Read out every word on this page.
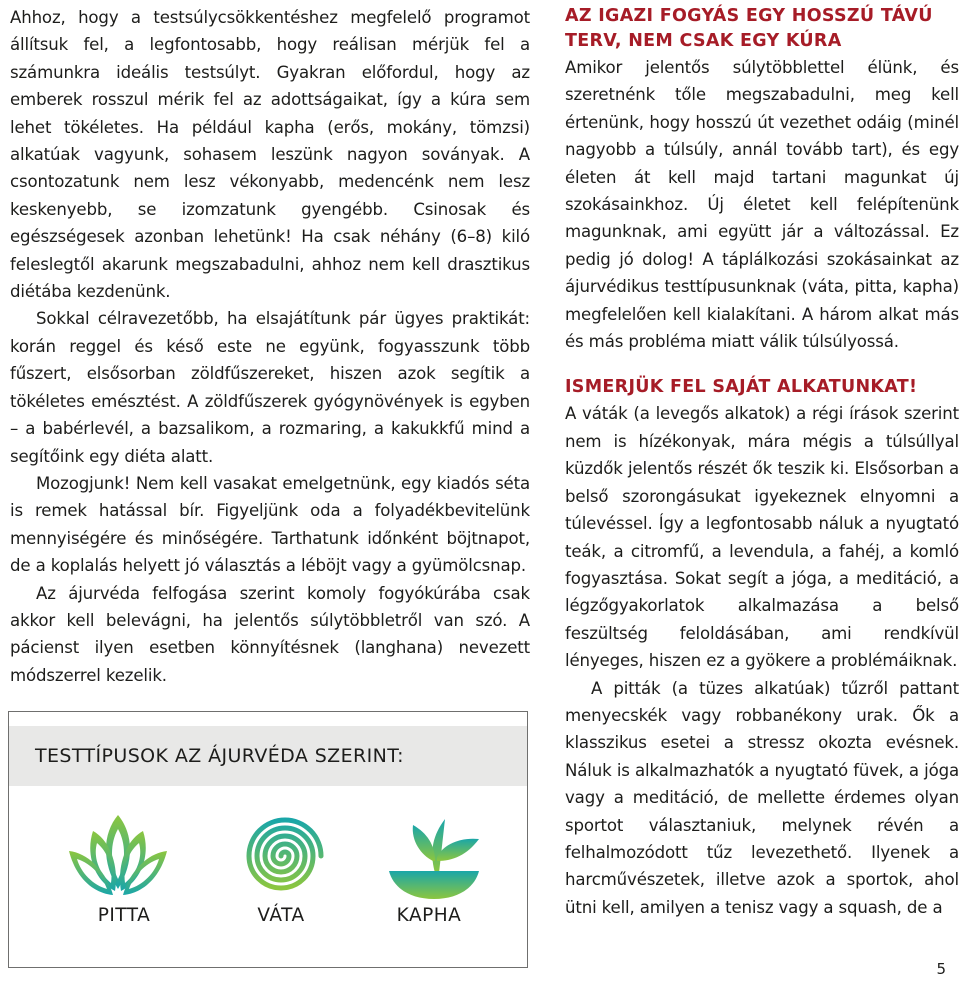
Ahhoz, hogy a testsúlycsökkentéshez megfelelő programot állítsuk fel, a legfontosabb, hogy reálisan mérjük fel a számunkra ideális testsúlyt. Gyakran előfordul, hogy az emberek rosszul mérik fel az adottságaikat, így a kúra sem lehet tökéletes. Ha például kapha (erős, mokány, tömzsi) alkatúak vagyunk, sohasem leszünk nagyon soványak. A csontozatunk nem lesz vékonyabb, medencénk nem lesz keskenyebb, se izomzatunk gyengébb. Csinosak és egészségesek azonban lehetünk! Ha csak néhány (6–8) kiló feleslegtől akarunk megszabadulni, ahhoz nem kell drasztikus diétába kezdenünk.

Sokkal célravezetőbb, ha elsajátítunk pár ügyes praktikát: korán reggel és késő este ne együnk, fogyasszunk több fűszert, elsősorban zöldfűszereket, hiszen azok segítik a tökéletes emésztést. A zöldfűszerek gyógynövények is egyben – a babérlevél, a bazsalikom, a rozmaring, a kakukkfű mind a segítőink egy diéta alatt.

Mozogjunk! Nem kell vasakat emelgetnünk, egy kiadós séta is remek hatással bír. Figyeljünk oda a folyadékbevitelünk mennyiségére és minőségére. Tarthatunk időnként böjtnapot, de a koplalás helyett jó választás a léböjt vagy a gyümölcsnap.

Az ájurvéda felfogása szerint komoly fogyókúrába csak akkor kell belevágni, ha jelentős súlytöbbletről van szó. A pácienst ilyen esetben könnyítésnek (langhana) nevezett módszerrel kezelik.

TESTTÍPUSOK AZ ÁJURVÉDA SZERINT:
PITTA	VÁTA	KAPHA

AZ IGAZI FOGYÁS EGY HOSSZÚ TÁVÚ TERV, NEM CSAK EGY KÚRA

Amikor jelentős súlytöbblettel élünk, és szeretnénk tőle megszabadulni, meg kell értenünk, hogy hosszú út vezethet odáig (minél nagyobb a túlsúly, annál tovább tart), és egy életen át kell majd tartani magunkat új szokásainkhoz. Új életet kell felépítenünk magunknak, ami együtt jár a változással. Ez pedig jó dolog! A táplálkozási szokásainkat az ájurvédikus testtípusunknak (váta, pitta, kapha) megfelelően kell kialakítani. A három alkat más és más probléma miatt válik túlsúlyossá.

ISMERJÜK FEL SAJÁT ALKATUNKAT!

A váták (a levegős alkatok) a régi írások szerint nem is hízékonyak, mára mégis a túlsúllyal küzdők jelentős részét ők teszik ki. Elsősorban a belső szorongásukat igyekeznek elnyomni a túlevéssel. Így a legfontosabb náluk a nyugtató teák, a citromfű, a levendula, a fahéj, a komló fogyasztása. Sokat segít a jóga, a meditáció, a légzőgyakorlatok alkalmazása a belső feszültség feloldásában, ami rendkívül lényeges, hiszen ez a gyökere a problémáiknak.

A pitták (a tüzes alkatúak) tűzről pattant menyecskék vagy robbanékony urak. Ők a klasszikus esetei a stressz okozta evésnek. Náluk is alkalmazhatók a nyugtató füvek, a jóga vagy a meditáció, de mellette érdemes olyan sportot választaniuk, melynek révén a felhalmozódott tűz levezethető. Ilyenek a harcművészetek, illetve azok a sportok, ahol ütni kell, amilyen a tenisz vagy a squash, de a

5
